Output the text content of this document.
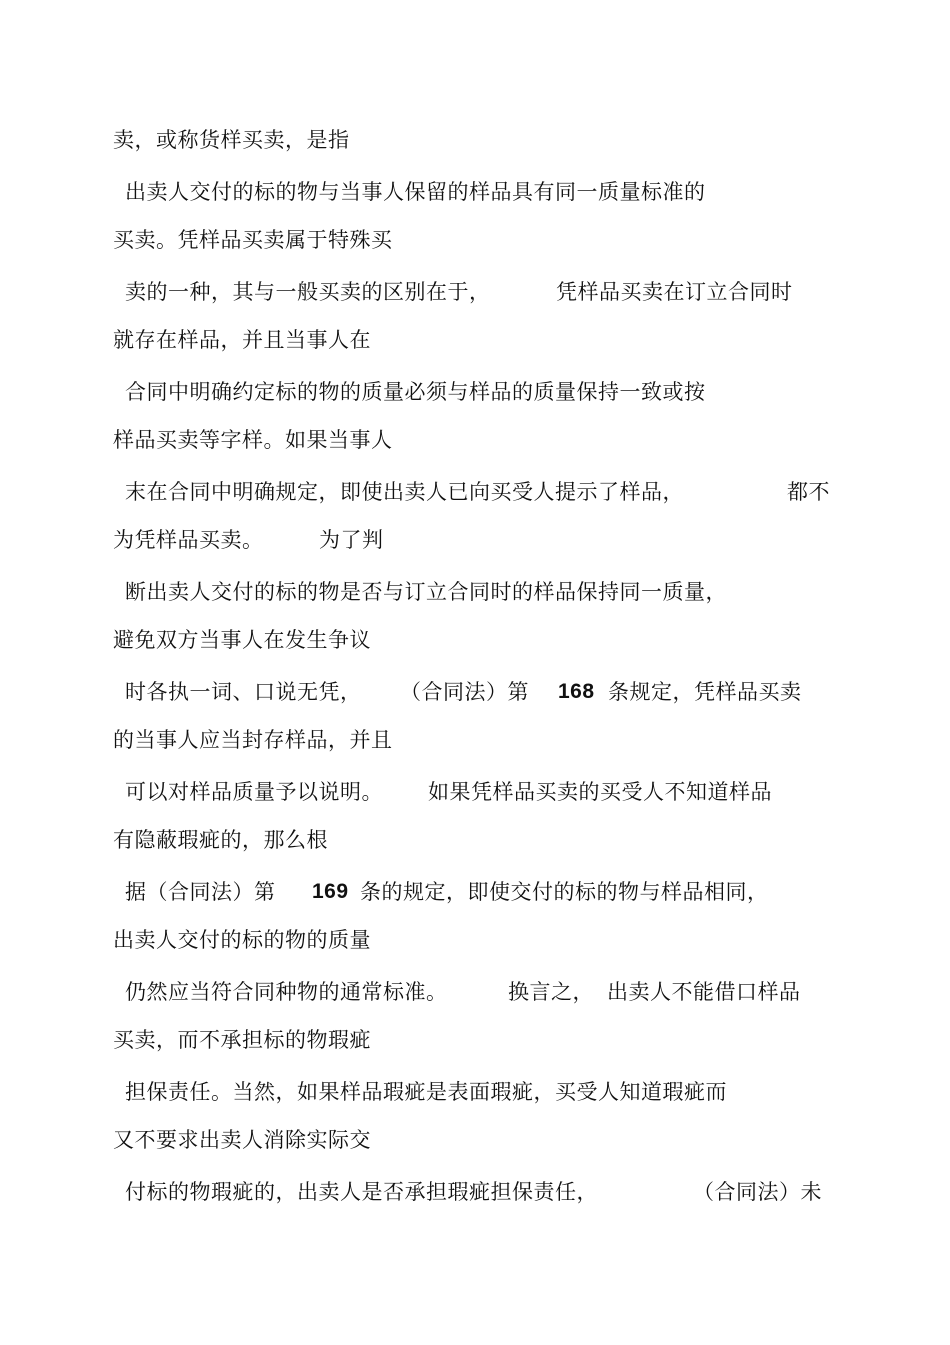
卖，或称货样买卖，是指
出卖人交付的标的物与当事人保留的样品具有同一质量标准的
买卖。凭样品买卖属于特殊买
卖的一种，其与一般买卖的区别在于，	凭样品买卖在订立合同时
就存在样品，并且当事人在
合同中明确约定标的物的质量必须与样品的质量保持一致或按
样品买卖等字样。如果当事人
末在合同中明确规定，即使出卖人已向买受人提示了样品，	都不
为凭样品买卖。	为了判
断出卖人交付的标的物是否与订立合同时的样品保持同一质量，
避免双方当事人在发生争议
时各执一词、口说无凭， （合同法）第 168 条规定，凭样品买卖
的当事人应当封存样品，并且
可以对样品质量予以说明。 如果凭样品买卖的买受人不知道样品
有隐蔽瑕疵的，那么根
据（合同法）第 169 条的规定，即使交付的标的物与样品相同，
出卖人交付的标的物的质量
仍然应当符合同种物的通常标准。	换言之， 出卖人不能借口样品
买卖，而不承担标的物瑕疵
担保责任。当然，如果样品瑕疵是表面瑕疵，买受人知道瑕疵而
又不要求出卖人消除实际交
付标的物瑕疵的，出卖人是否承担瑕疵担保责任，	（合同法）未
